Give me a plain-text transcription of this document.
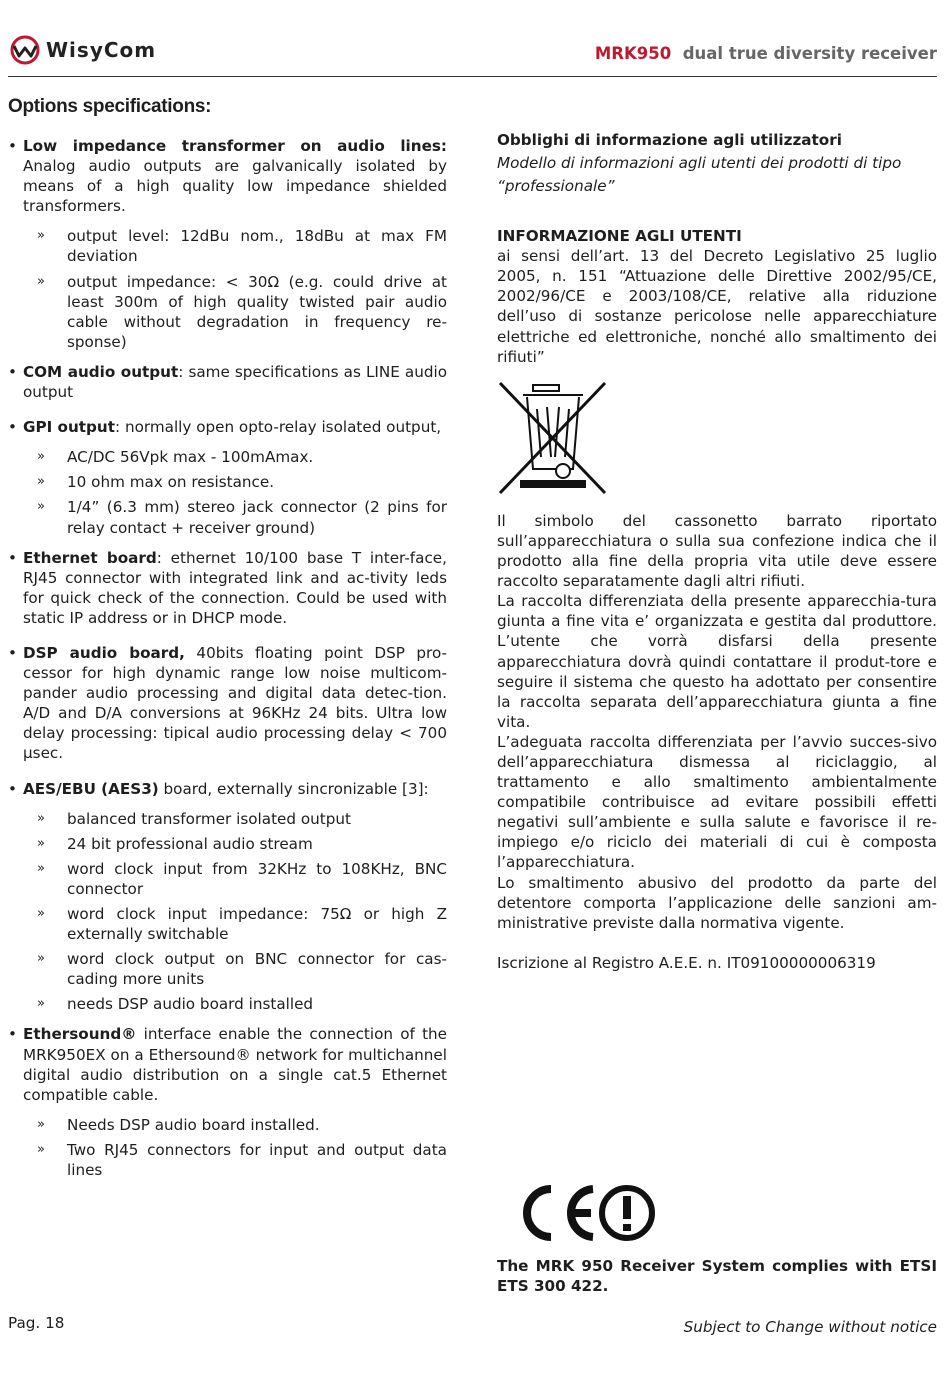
WisyCom	MRK950 dual true diversity receiver
Options specifications:
• Low impedance transformer on audio lines: Analog audio outputs are galvanically isolated by means of a high quality low impedance shielded transformers.
» output level: 12dBu nom., 18dBu at max FM deviation
» output impedance: < 30Ω (e.g. could drive at least 300m of high quality twisted pair audio cable without degradation in frequency re-sponse)
• COM audio output: same specifications as LINE audio output
• GPI output: normally open opto-relay isolated output,
» AC/DC 56Vpk max - 100mAmax.
» 10 ohm max on resistance.
» 1/4” (6.3 mm) stereo jack connector (2 pins for relay contact + receiver ground)
• Ethernet board: ethernet 10/100 base T inter-face, RJ45 connector with integrated link and ac-tivity leds for quick check of the connection. Could be used with static IP address or in DHCP mode.
• DSP audio board, 40bits floating point DSP pro-cessor for high dynamic range low noise multicom-pander audio processing and digital data detec-tion. A/D and D/A conversions at 96KHz 24 bits. Ultra low delay processing: tipical audio processing delay < 700 µsec.
• AES/EBU (AES3) board, externally sincronizable [3]:
» balanced transformer isolated output
» 24 bit professional audio stream
» word clock input from 32KHz to 108KHz, BNC connector
» word clock input impedance: 75Ω or high Z externally switchable
» word clock output on BNC connector for cas-cading more units
» needs DSP audio board installed
• Ethersound® interface enable the connection of the MRK950EX on a Ethersound® network for multichannel digital audio distribution on a single cat.5 Ethernet compatible cable.
» Needs DSP audio board installed.
» Two RJ45 connectors for input and output data lines
Obblighi di informazione agli utilizzatori
Modello di informazioni agli utenti dei prodotti di tipo “professionale”
INFORMAZIONE AGLI UTENTI
ai sensi dell’art. 13 del Decreto Legislativo 25 luglio 2005, n. 151 “Attuazione delle Direttive 2002/95/CE, 2002/96/CE e 2003/108/CE, relative alla riduzione dell’uso di sostanze pericolose nelle apparecchiature elettriche ed elettroniche, nonché allo smaltimento dei rifiuti”
Il simbolo del cassonetto barrato riportato sull’apparecchiatura o sulla sua confezione indica che il prodotto alla fine della propria vita utile deve essere raccolto separatamente dagli altri rifiuti.
La raccolta differenziata della presente apparecchia-tura giunta a fine vita e’ organizzata e gestita dal produttore. L’utente che vorrà disfarsi della presente apparecchiatura dovrà quindi contattare il produt-tore e seguire il sistema che questo ha adottato per consentire la raccolta separata dell’apparecchiatura giunta a fine vita.
L’adeguata raccolta differenziata per l’avvio succes-sivo dell’apparecchiatura dismessa al riciclaggio, al trattamento e allo smaltimento ambientalmente compatibile contribuisce ad evitare possibili effetti negativi sull’ambiente e sulla salute e favorisce il re-impiego e/o riciclo dei materiali di cui è composta l’apparecchiatura.
Lo smaltimento abusivo del prodotto da parte del detentore comporta l’applicazione delle sanzioni am-ministrative previste dalla normativa vigente.
Iscrizione al Registro A.E.E. n. IT09100000006319
The MRK 950 Receiver System complies with ETSI ETS 300 422.
Pag. 18	Subject to Change without notice
